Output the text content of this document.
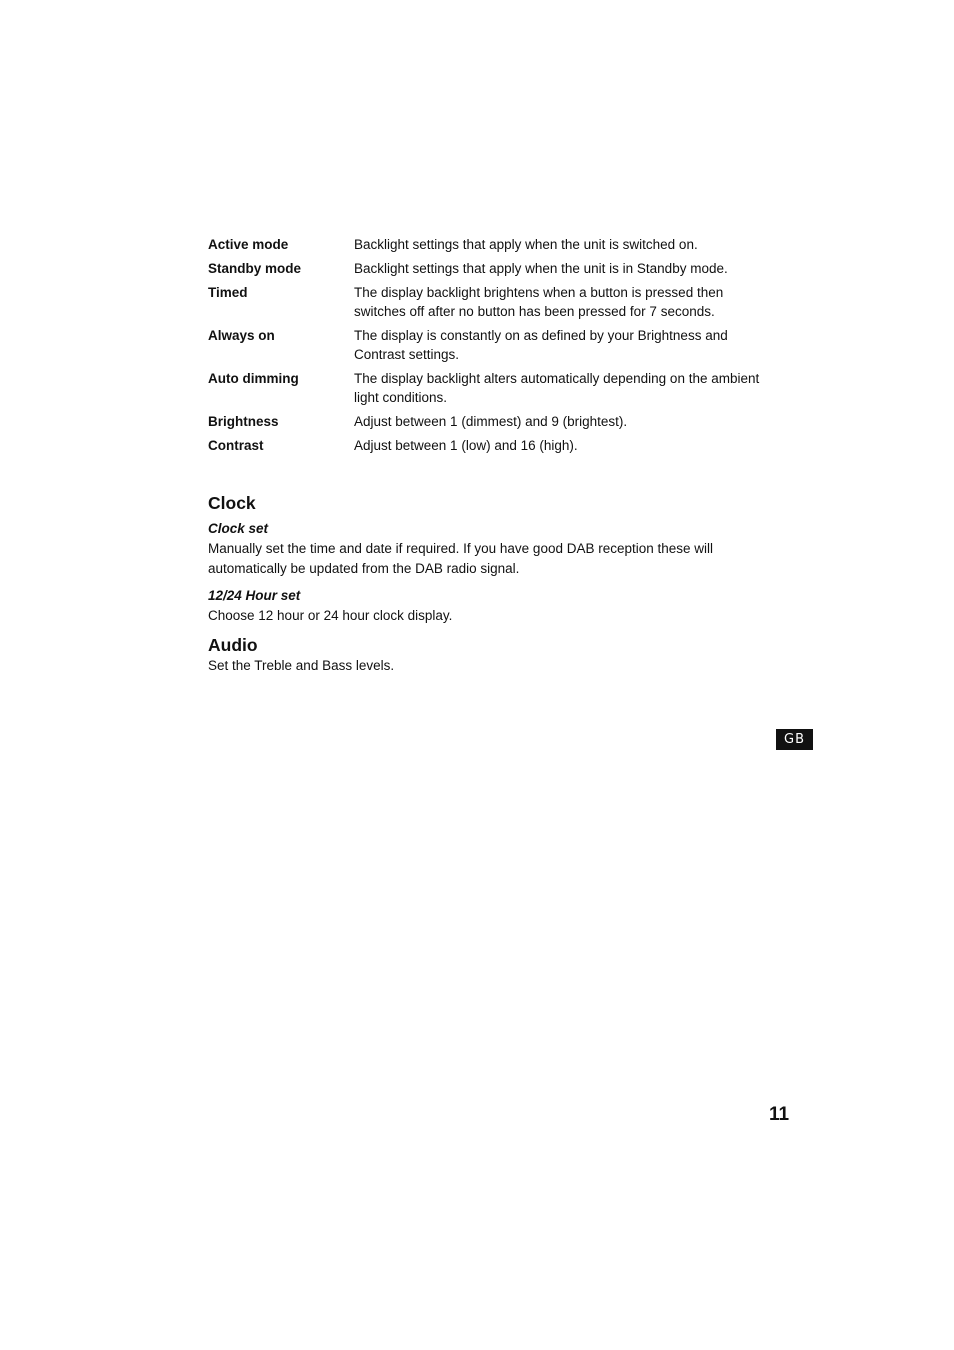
Active mode	Backlight settings that apply when the unit is switched on.
Standby mode	Backlight settings that apply when the unit is in Standby mode.
Timed	The display backlight brightens when a button is pressed then switches off after no button has been pressed for 7 seconds.
Always on	The display is constantly on as defined by your Brightness and Contrast settings.
Auto dimming	The display backlight alters automatically depending on the ambient light conditions.
Brightness	Adjust between 1 (dimmest) and 9 (brightest).
Contrast	Adjust between 1 (low) and 16 (high).
Clock
Clock set

Manually set the time and date if required. If you have good DAB reception these will automatically be updated from the DAB radio signal.

12/24 Hour set

Choose 12 hour or 24 hour clock display.

Audio

Set the Treble and Bass levels.

GB
11
